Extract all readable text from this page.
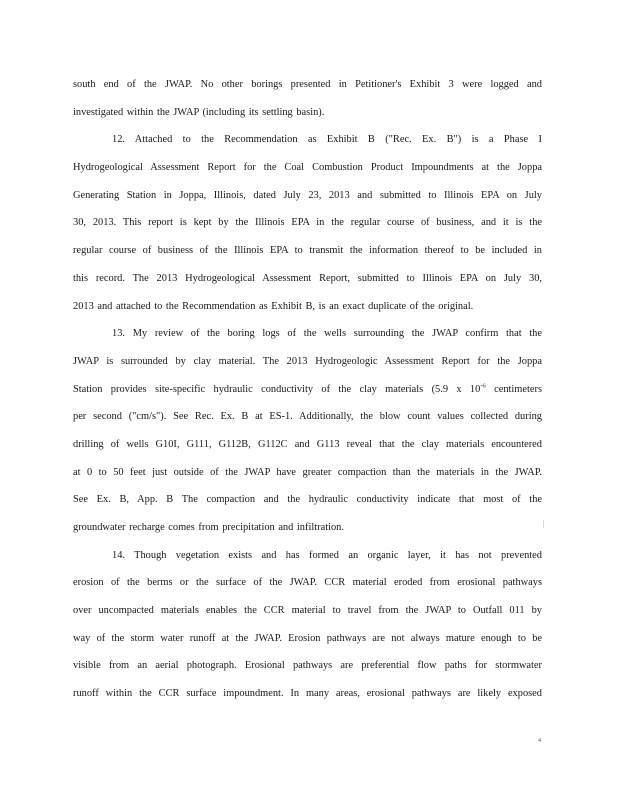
south end of the JWAP. No other borings presented in Petitioner's Exhibit 3 were logged and
investigated within the JWAP (including its settling basin).
12. Attached to the Recommendation as Exhibit B ("Rec. Ex. B") is a Phase I
Hydrogeological Assessment Report for the Coal Combustion Product Impoundments at the Joppa
Generating Station in Joppa, Illinois, dated July 23, 2013 and submitted to Illinois EPA on July
30, 2013. This report is kept by the Illinois EPA in the regular course of business, and it is the
regular course of business of the Illinois EPA to transmit the information thereof to be included in
this record. The 2013 Hydrogeological Assessment Report, submitted to Illinois EPA on July 30,
2013 and attached to the Recommendation as Exhibit B, is an exact duplicate of the original.
13. My review of the boring logs of the wells surrounding the JWAP confirm that the
JWAP is surrounded by clay material. The 2013 Hydrogeologic Assessment Report for the Joppa
Station provides site-specific hydraulic conductivity of the clay materials (5.9 x $10^{-6}$ centimeters
per second ("cm/s"). See Rec. Ex. B at ES-1. Additionally, the blow count values collected during
drilling of wells G10I, G111, G112B, G112C and G113 reveal that the clay materials encountered
at 0 to 50 feet just outside of the JWAP have greater compaction than the materials in the JWAP.
See Ex. B, App. B The compaction and the hydraulic conductivity indicate that most of the
groundwater recharge comes from precipitation and infiltration.
14. Though vegetation exists and has formed an organic layer, it has not prevented
erosion of the berms or the surface of the JWAP. CCR material eroded from erosional pathways
over uncompacted materials enables the CCR material to travel from the JWAP to Outfall 011 by
way of the storm water runoff at the JWAP. Erosion pathways are not always mature enough to be
visible from an aerial photograph. Erosional pathways are preferential flow paths for stormwater
runoff within the CCR surface impoundment. In many areas, erosional pathways are likely exposed
4
